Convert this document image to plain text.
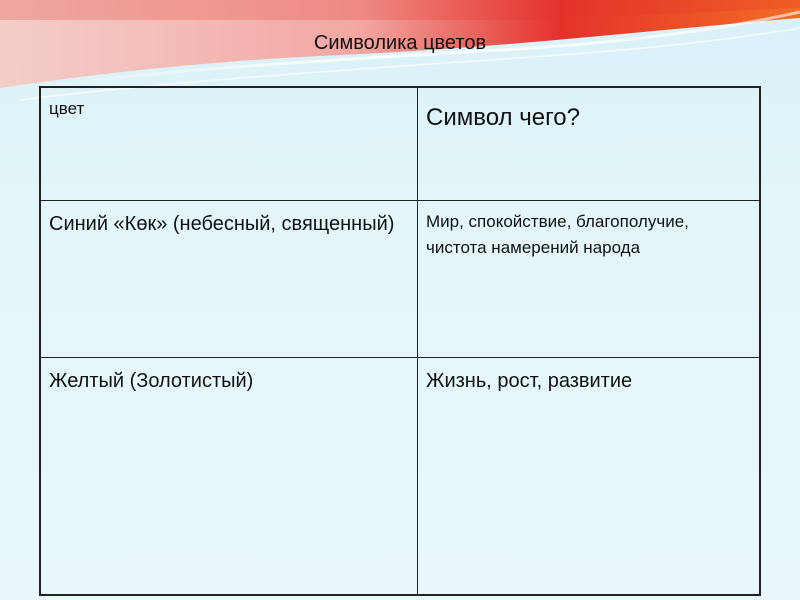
Символика цветов
цвет	Символ чего?
Синий «Көк» (небесный, священный)	Мир, спокойствие, благополучие, чистота намерений народа
Желтый (Золотистый)	Жизнь, рост, развитие
